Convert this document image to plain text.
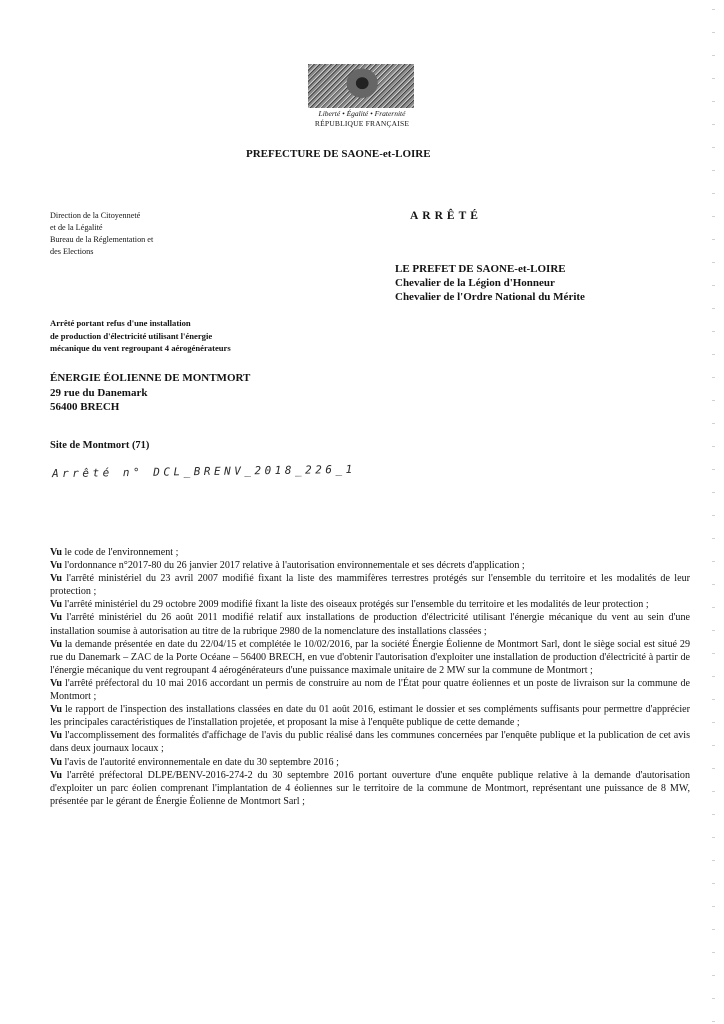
Liberté • Égalité • Fraternité
RÉPUBLIQUE FRANÇAISE
PREFECTURE DE SAONE-et-LOIRE
Direction de la Citoyenneté
et de la Légalité
Bureau de la Réglementation et
des Elections
ARRÊTÉ
LE PREFET DE SAONE-et-LOIRE
Chevalier de la Légion d'Honneur
Chevalier de l'Ordre National du Mérite
Arrêté portant refus d'une installation
de production d'électricité utilisant l'énergie
mécanique du vent regroupant 4 aérogénérateurs
ÉNERGIE ÉOLIENNE DE MONTMORT
29 rue du Danemark
56400 BRECH
Site de Montmort (71)
Arrêté n° DCL_BRENV_2018_226_1

Vu le code de l'environnement ;

Vu l'ordonnance n°2017-80 du 26 janvier 2017 relative à l'autorisation environnementale et ses décrets d'application ;

Vu l'arrêté ministériel du 23 avril 2007 modifié fixant la liste des mammifères terrestres protégés sur l'ensemble du territoire et les modalités de leur protection ;

Vu l'arrêté ministériel du 29 octobre 2009 modifié fixant la liste des oiseaux protégés sur l'ensemble du territoire et les modalités de leur protection ;

Vu l'arrêté ministériel du 26 août 2011 modifié relatif aux installations de production d'électricité utilisant l'énergie mécanique du vent au sein d'une installation soumise à autorisation au titre de la rubrique 2980 de la nomenclature des installations classées ;

Vu la demande présentée en date du 22/04/15 et complétée le 10/02/2016, par la société Énergie Éolienne de Montmort Sarl, dont le siège social est situé 29 rue du Danemark – ZAC de la Porte Océane – 56400 BRECH, en vue d'obtenir l'autorisation d'exploiter une installation de production d'électricité à partir de l'énergie mécanique du vent regroupant 4 aérogénérateurs d'une puissance maximale unitaire de 2 MW sur la commune de Montmort ;

Vu l'arrêté préfectoral du 10 mai 2016 accordant un permis de construire au nom de l'État pour quatre éoliennes et un poste de livraison sur la commune de Montmort ;

Vu le rapport de l'inspection des installations classées en date du 01 août 2016, estimant le dossier et ses compléments suffisants pour permettre d'apprécier les principales caractéristiques de l'installation projetée, et proposant la mise à l'enquête publique de cette demande ;

Vu l'accomplissement des formalités d'affichage de l'avis du public réalisé dans les communes concernées par l'enquête publique et la publication de cet avis dans deux journaux locaux ;

Vu l'avis de l'autorité environnementale en date du 30 septembre 2016 ;

Vu l'arrêté préfectoral DLPE/BENV-2016-274-2 du 30 septembre 2016 portant ouverture d'une enquête publique relative à la demande d'autorisation d'exploiter un parc éolien comprenant l'implantation de 4 éoliennes sur le territoire de la commune de Montmort, représentant une puissance de 8 MW, présentée par le gérant de Énergie Éolienne de Montmort Sarl ;
